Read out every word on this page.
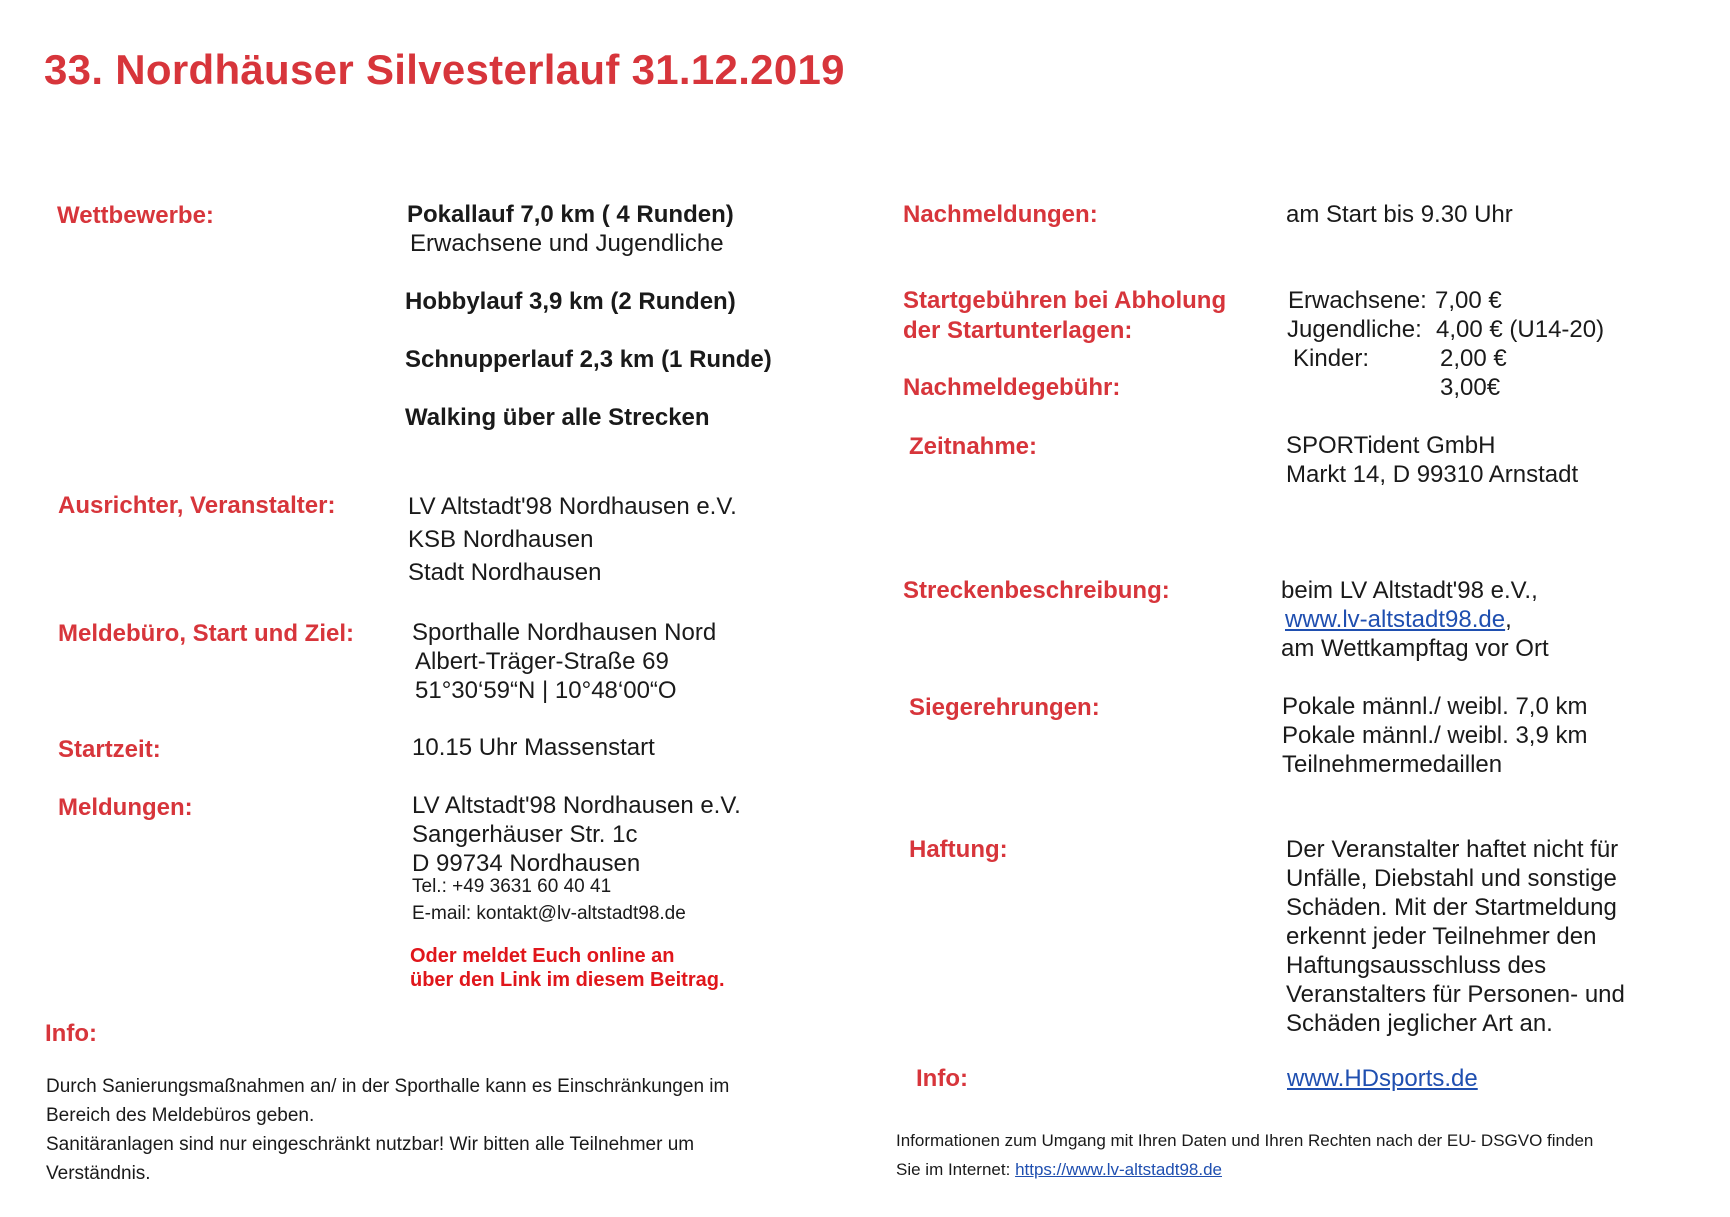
33. Nordhäuser Silvesterlauf 31.12.2019
Wettbewerbe:	Pokallauf 7,0 km ( 4 Runden)
Erwachsene und Jugendliche
Hobbylauf 3,9 km (2 Runden)
Schnupperlauf 2,3 km (1 Runde)
Walking über alle Strecken
Ausrichter, Veranstalter:	LV Altstadt'98 Nordhausen e.V.
KSB Nordhausen
Stadt Nordhausen
Meldebüro, Start und Ziel: Sporthalle Nordhausen Nord
Albert-Träger-Straße 69
51°30‘59“N | 10°48‘00“O
Startzeit:	10.15 Uhr Massenstart
Meldungen:	LV Altstadt'98 Nordhausen e.V.
Sangerhäuser Str. 1c
D 99734 Nordhausen
Tel.: +49 3631 60 40 41
E-mail: kontakt@lv-altstadt98.de
Oder meldet Euch online an
über den Link im diesem Beitrag.
Info:
Durch Sanierungsmaßnahmen an/ in der Sporthalle kann es Einschränkungen im
Bereich des Meldebüros geben.
Sanitäranlagen sind nur eingeschränkt nutzbar! Wir bitten alle Teilnehmer um
Verständnis.
Nachmeldungen:	am Start bis 9.30 Uhr
Startgebühren bei Abholung
der Startunterlagen:
Erwachsene: 7,00 €
Jugendliche: 4,00 € (U14-20)
Kinder:	2,00 €
Nachmeldegebühr:	3,00€
Zeitnahme:	SPORTident GmbH
Markt 14, D 99310 Arnstadt
Streckenbeschreibung:	beim LV Altstadt'98 e.V.,
www.lv-altstadt98.de,
am Wettkampftag vor Ort
Siegerehrungen:	Pokale männl./ weibl. 7,0 km
Pokale männl./ weibl. 3,9 km
Teilnehmermedaillen
Haftung:	Der Veranstalter haftet nicht für
Unfälle, Diebstahl und sonstige
Schäden. Mit der Startmeldung
erkennt jeder Teilnehmer den
Haftungsausschluss des
Veranstalters für Personen- und
Schäden jeglicher Art an.
Info:	www.HDsports.de
Informationen zum Umgang mit Ihren Daten und Ihren Rechten nach der EU- DSGVO finden
Sie im Internet: https://www.lv-altstadt98.de
